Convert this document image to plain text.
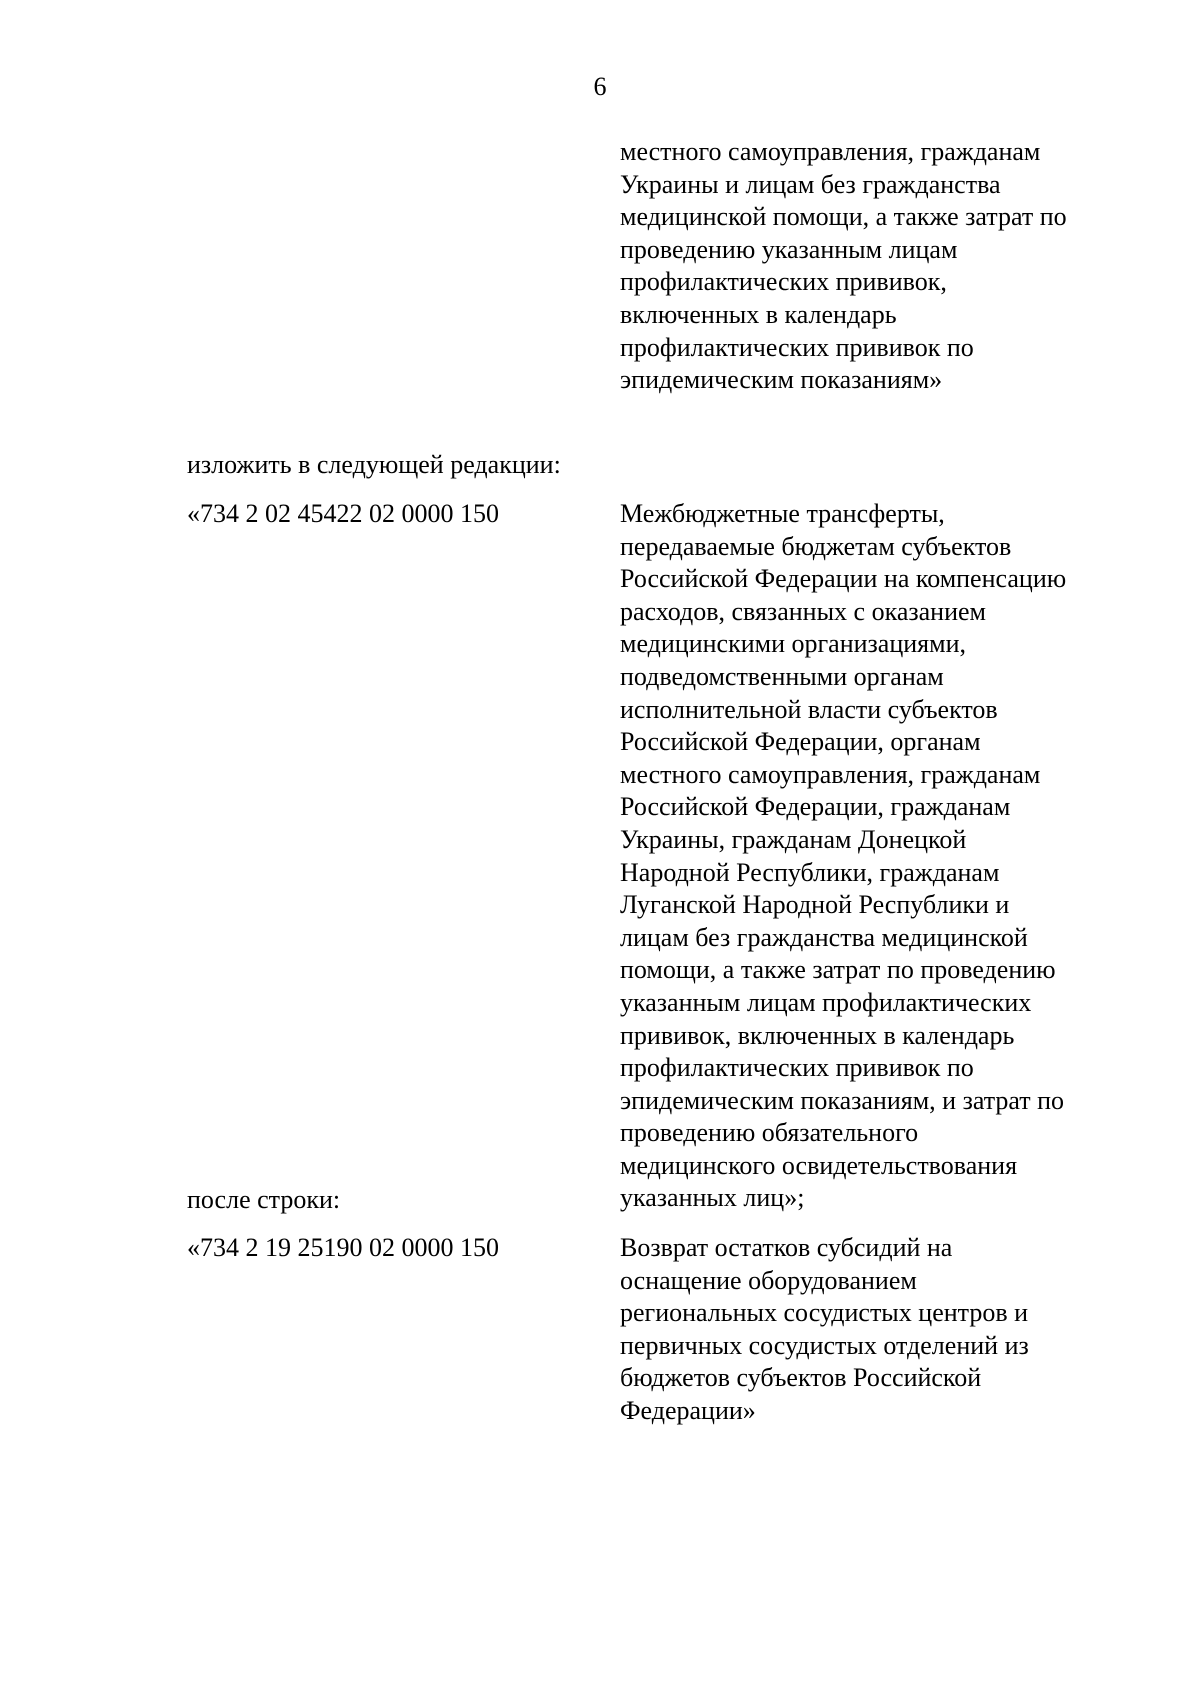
6
местного самоуправления, гражданам
Украины и лицам без гражданства
медицинской помощи, а также затрат по
проведению указанным лицам
профилактических прививок,
включенных в календарь
профилактических прививок по
эпидемическим показаниям»
изложить в следующей редакции:
«734 2 02 45422 02 0000 150	Межбюджетные трансферты,
передаваемые бюджетам субъектов
Российской Федерации на компенсацию
расходов, связанных с оказанием
медицинскими организациями,
подведомственными органам
исполнительной власти субъектов
Российской Федерации, органам
местного самоуправления, гражданам
Российской Федерации, гражданам
Украины, гражданам Донецкой
Народной Республики, гражданам
Луганской Народной Республики и
лицам без гражданства медицинской
помощи, а также затрат по проведению
указанным лицам профилактических
прививок, включенных в календарь
профилактических прививок по
эпидемическим показаниям, и затрат по
проведению обязательного
медицинского освидетельствования
указанных лиц»;
после строки:
«734 2 19 25190 02 0000 150	Возврат остатков субсидий на
оснащение оборудованием
региональных сосудистых центров и
первичных сосудистых отделений из
бюджетов субъектов Российской
Федерации»
